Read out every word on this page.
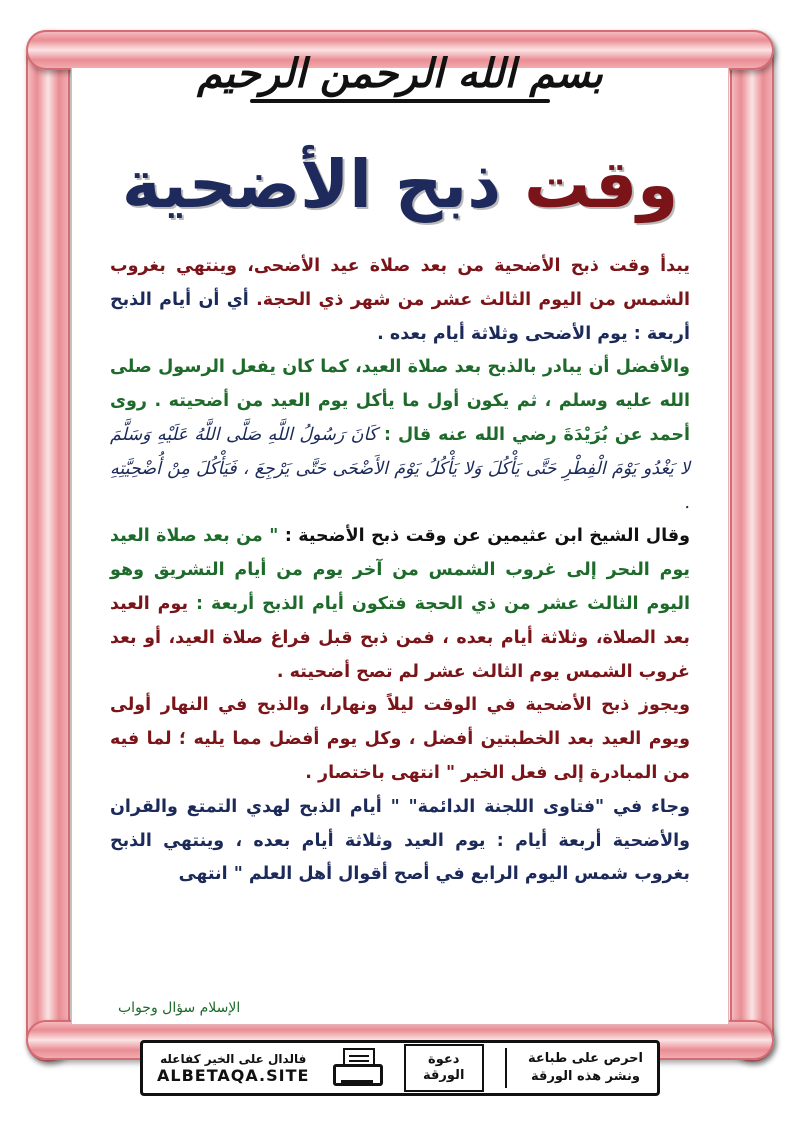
بسم الله الرحمن الرحيم
وقت ذبح الأضحية

يبدأ وقت ذبح الأضحية من بعد صلاة عيد الأضحى، وينتهي بغروب الشمس من اليوم الثالث عشر من شهر ذي الحجة. أي أن أيام الذبح أربعة : يوم الأضحى وثلاثة أيام بعده .

والأفضل أن يبادر بالذبح بعد صلاة العيد، كما كان يفعل الرسول صلى الله عليه وسلم ، ثم يكون أول ما يأكل يوم العيد من أضحيته . روى أحمد عن بُرَيْدَةَ رضي الله عنه قال : كَانَ رَسُولُ اللَّهِ صَلَّى اللَّهُ عَلَيْهِ وَسَلَّمَ لا يَغْدُو يَوْمَ الْفِطْرِ حَتَّى يَأْكُلَ وَلا يَأْكُلُ يَوْمَ الأَضْحَى حَتَّى يَرْجِعَ ، فَيَأْكُلَ مِنْ أُضْحِيَّتِهِ .

وقال الشيخ ابن عثيمين عن وقت ذبح الأضحية : " من بعد صلاة العيد يوم النحر إلى غروب الشمس من آخر يوم من أيام التشريق وهو اليوم الثالث عشر من ذي الحجة فتكون أيام الذبح أربعة : يوم العيد بعد الصلاة، وثلاثة أيام بعده ، فمن ذبح قبل فراغ صلاة العيد، أو بعد غروب الشمس يوم الثالث عشر لم تصح أضحيته .

ويجوز ذبح الأضحية في الوقت ليلاً ونهارا، والذبح في النهار أولى ويوم العيد بعد الخطبتين أفضل ، وكل يوم أفضل مما يليه ؛ لما فيه من المبادرة إلى فعل الخير " انتهى باختصار .

وجاء في "فتاوى اللجنة الدائمة" " أيام الذبح لهدي التمتع والقران والأضحية أربعة أيام : يوم العيد وثلاثة أيام بعده ، وينتهي الذبح بغروب شمس اليوم الرابع في أصح أقوال أهل العلم " انتهى

الإسلام سؤال وجواب
فالدال على الخير كفاعله
ALBETAQA.SITE
دعوة
الورقة
احرص على طباعة
ونشر هذه الورقة
